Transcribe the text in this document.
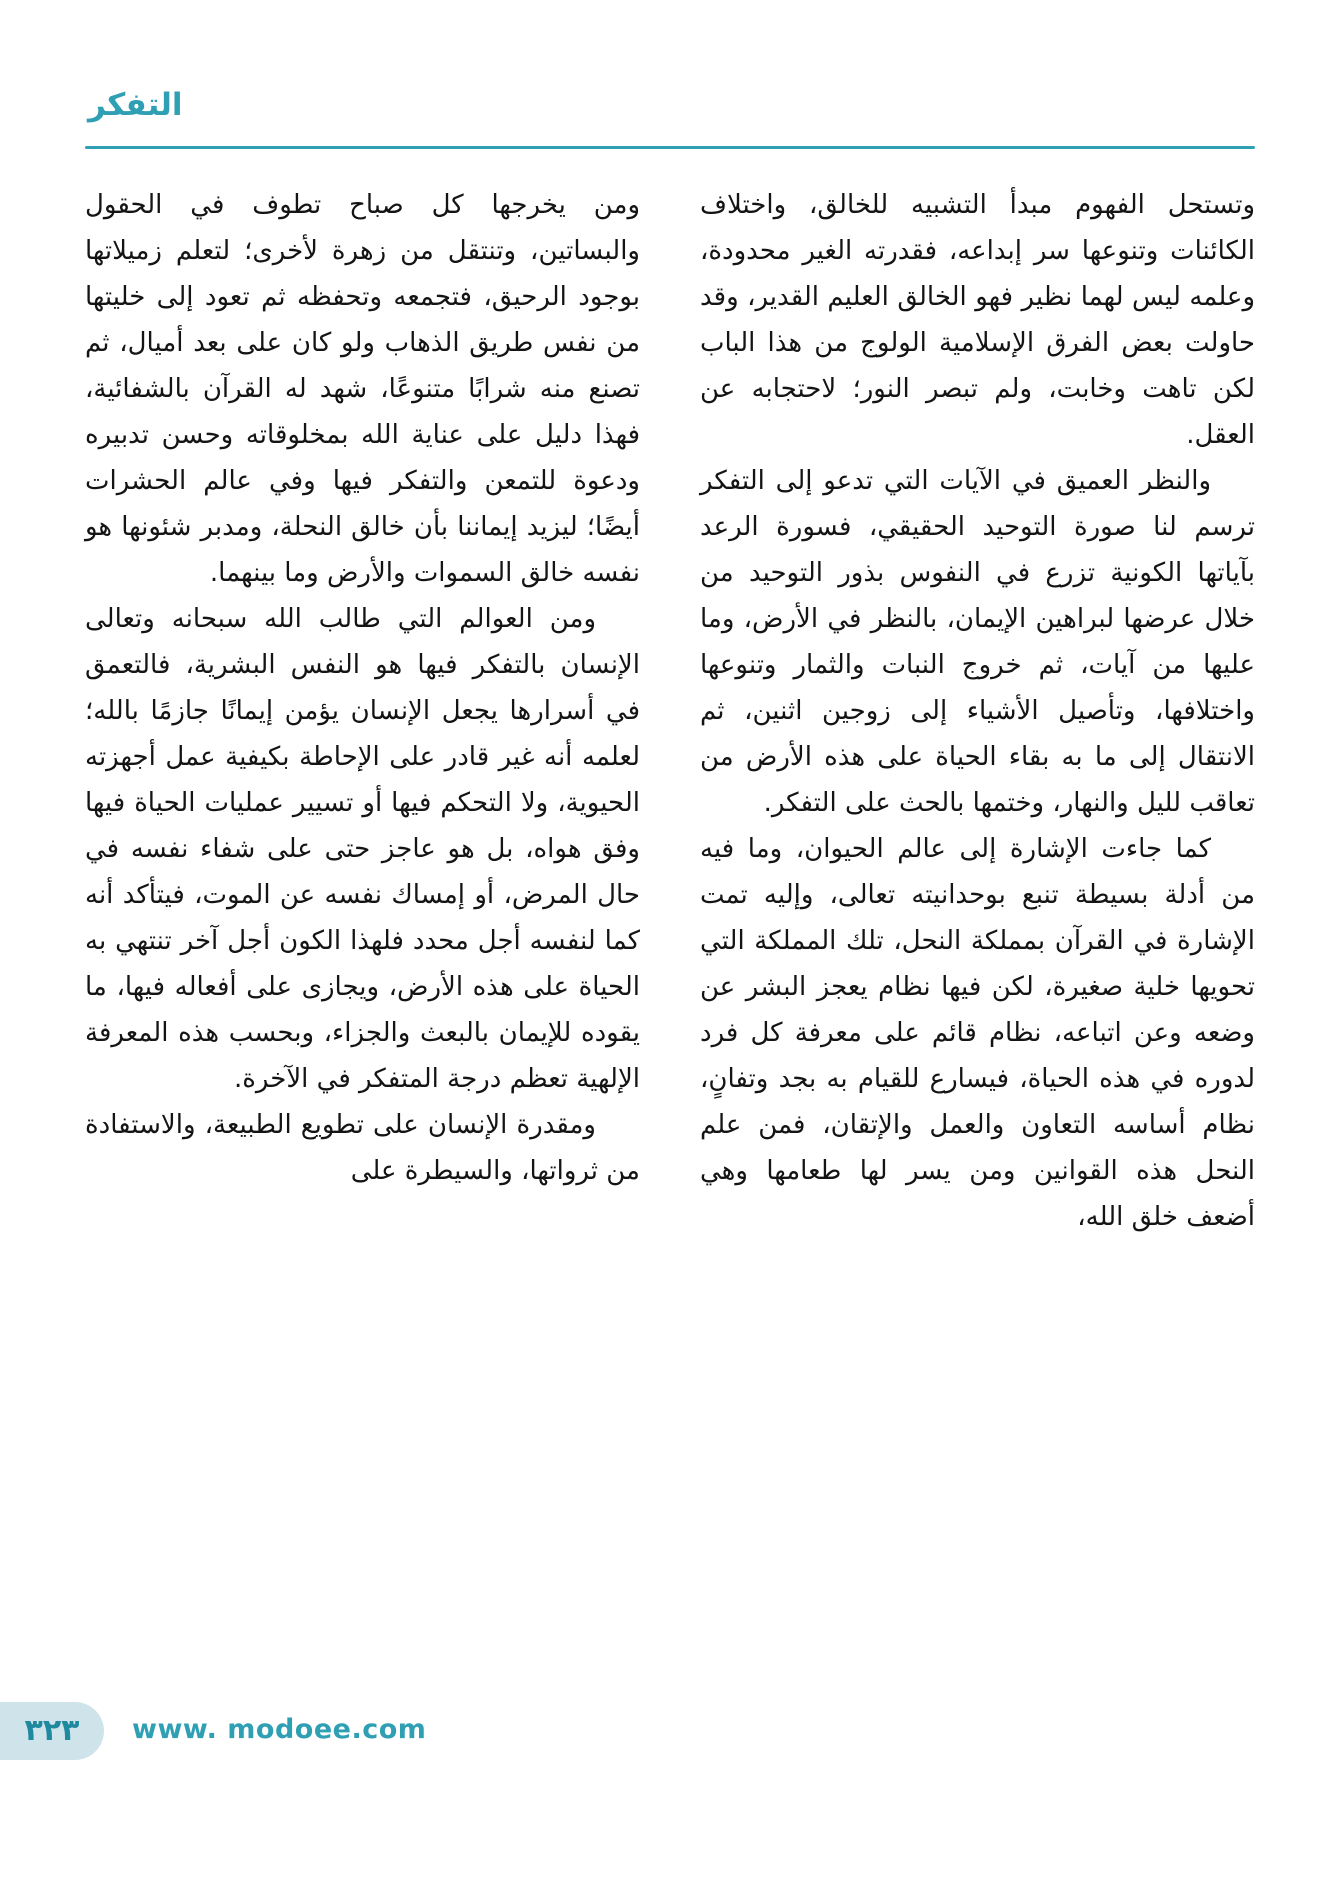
التفكر

وتستحل الفهوم مبدأ التشبيه للخالق، واختلاف الكائنات وتنوعها سر إبداعه، فقدرته الغير محدودة، وعلمه ليس لهما نظير فهو الخالق العليم القدير، وقد حاولت بعض الفرق الإسلامية الولوج من هذا الباب لكن تاهت وخابت، ولم تبصر النور؛ لاحتجابه عن العقل.

والنظر العميق في الآيات التي تدعو إلى التفكر ترسم لنا صورة التوحيد الحقيقي، فسورة الرعد بآياتها الكونية تزرع في النفوس بذور التوحيد من خلال عرضها لبراهين الإيمان، بالنظر في الأرض، وما عليها من آيات، ثم خروج النبات والثمار وتنوعها واختلافها، وتأصيل الأشياء إلى زوجين اثنين، ثم الانتقال إلى ما به بقاء الحياة على هذه الأرض من تعاقب لليل والنهار، وختمها بالحث على التفكر.

كما جاءت الإشارة إلى عالم الحيوان، وما فيه من أدلة بسيطة تنبع بوحدانيته تعالى، وإليه تمت الإشارة في القرآن بمملكة النحل، تلك المملكة التي تحويها خلية صغيرة، لكن فيها نظام يعجز البشر عن وضعه وعن اتباعه، نظام قائم على معرفة كل فرد لدوره في هذه الحياة، فيسارع للقيام به بجد وتفانٍ، نظام أساسه التعاون والعمل والإتقان، فمن علم النحل هذه القوانين ومن يسر لها طعامها وهي أضعف خلق الله،

ومن يخرجها كل صباح تطوف في الحقول والبساتين، وتنتقل من زهرة لأخرى؛ لتعلم زميلاتها بوجود الرحيق، فتجمعه وتحفظه ثم تعود إلى خليتها من نفس طريق الذهاب ولو كان على بعد أميال، ثم تصنع منه شرابًا متنوعًا، شهد له القرآن بالشفائية، فهذا دليل على عناية الله بمخلوقاته وحسن تدبيره ودعوة للتمعن والتفكر فيها وفي عالم الحشرات أيضًا؛ ليزيد إيماننا بأن خالق النحلة، ومدبر شئونها هو نفسه خالق السموات والأرض وما بينهما.

ومن العوالم التي طالب الله سبحانه وتعالى الإنسان بالتفكر فيها هو النفس البشرية، فالتعمق في أسرارها يجعل الإنسان يؤمن إيمانًا جازمًا بالله؛ لعلمه أنه غير قادر على الإحاطة بكيفية عمل أجهزته الحيوية، ولا التحكم فيها أو تسيير عمليات الحياة فيها وفق هواه، بل هو عاجز حتى على شفاء نفسه في حال المرض، أو إمساك نفسه عن الموت، فيتأكد أنه كما لنفسه أجل محدد فلهذا الكون أجل آخر تنتهي به الحياة على هذه الأرض، ويجازى على أفعاله فيها، ما يقوده للإيمان بالبعث والجزاء، وبحسب هذه المعرفة الإلهية تعظم درجة المتفكر في الآخرة.

ومقدرة الإنسان على تطويع الطبيعة، والاستفادة من ثرواتها، والسيطرة على

٣٢٣ www. modoee.com
